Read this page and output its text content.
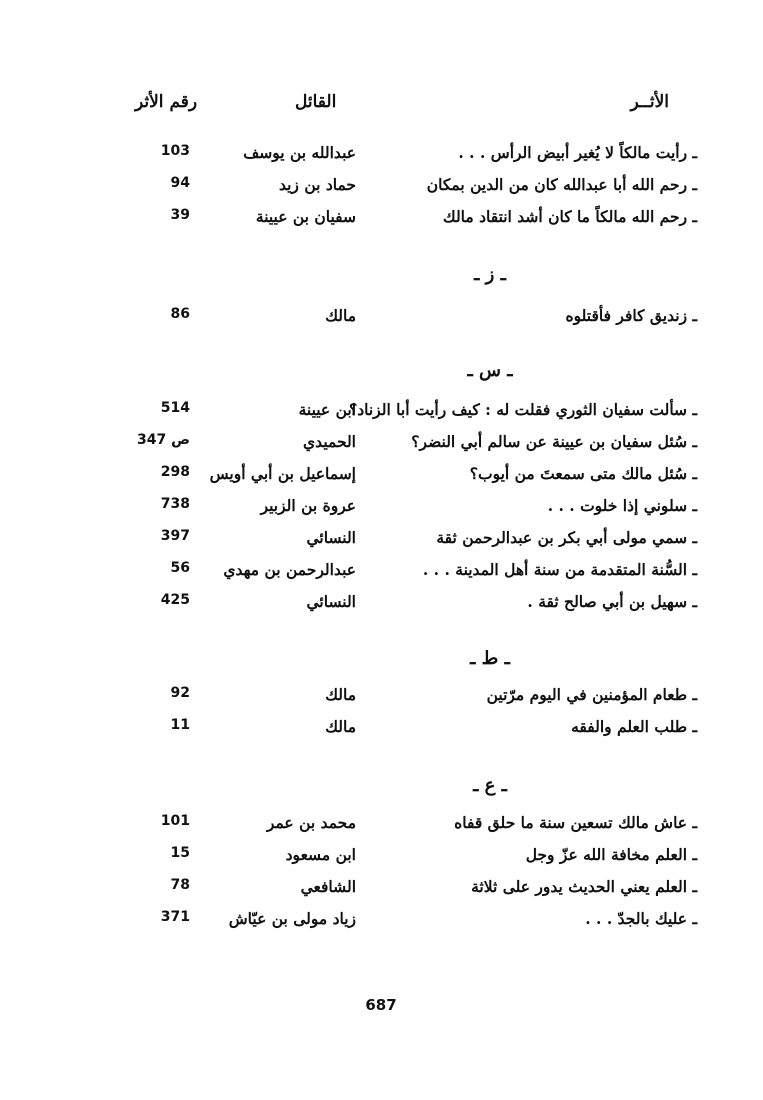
الأثــر
القائل
رقم الأثر
ـ رأيت مالكاً لا يُغير أبيض الرأس . . .
عبدالله بن يوسف
103
ـ رحم الله أبا عبدالله كان من الدين بمكان
حماد بن زيد
94
ـ رحم الله مالكاً ما كان أشد انتقاد مالك
سفيان بن عيينة
39
ـ ز ـ
ـ زنديق كافر فأقتلوه
مالك
86
ـ س ـ
ـ سألت سفيان الثوري فقلت له : كيف رأيت أبا الزناد؟
ابن عيينة
514
ـ سُئل سفيان بن عيينة عن سالم أبي النضر؟
الحميدي
ص 347
ـ سُئل مالك متى سمعتَ من أيوب؟
إسماعيل بن أبي أويس
298
ـ سلوني إذا خلوت . . .
عروة بن الزبير
738
ـ سمي مولى أبي بكر بن عبدالرحمن ثقة
النسائي
397
ـ السُّنة المتقدمة من سنة أهل المدينة . . .
عبدالرحمن بن مهدي
56
ـ سهيل بن أبي صالح ثقة .
النسائي
425
ـ ط ـ
ـ طعام المؤمنين في اليوم مرّتين
مالك
92
ـ طلب العلم والفقه
مالك
11
ـ ع ـ
ـ عاش مالك تسعين سنة ما حلق قفاه
محمد بن عمر
101
ـ العلم مخافة الله عزّ وجل
ابن مسعود
15
ـ العلم يعني الحديث يدور على ثلاثة
الشافعي
78
ـ عليك بالجدّ . . .
زياد مولى بن عيّاش
371
687
